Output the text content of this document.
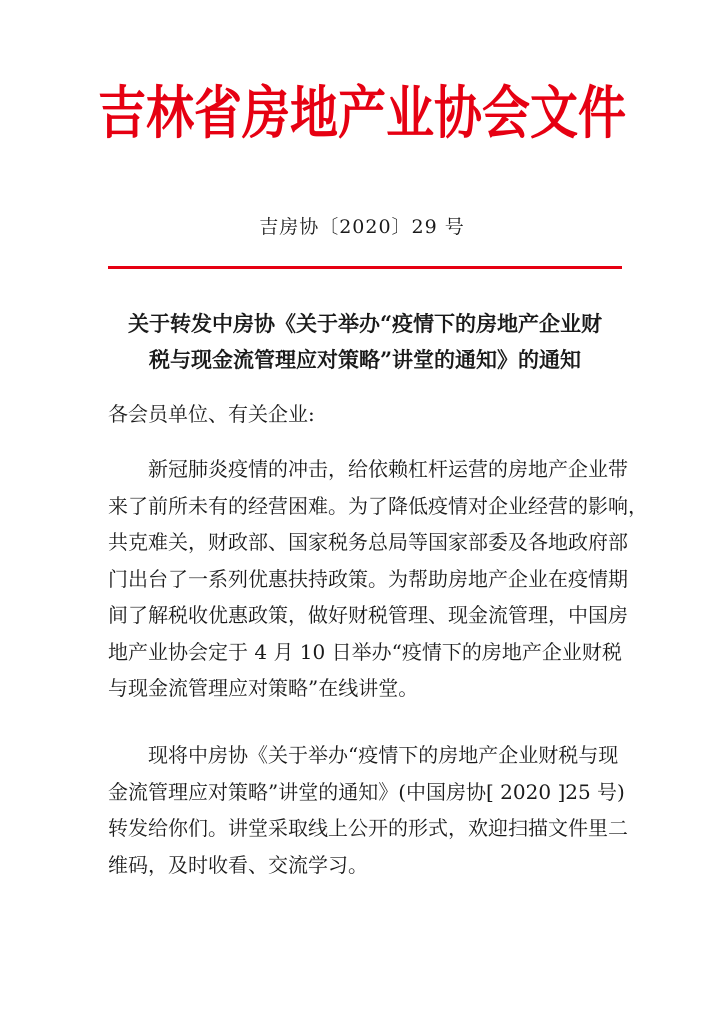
吉林省房地产业协会文件
吉房协〔2020〕29 号
关于转发中房协《关于举办“疫情下的房地产企业财
税与现金流管理应对策略”讲堂的通知》的通知
各会员单位、有关企业:
新冠肺炎疫情的冲击，给依赖杠杆运营的房地产企业带
来了前所未有的经营困难。为了降低疫情对企业经营的影响，
共克难关，财政部、国家税务总局等国家部委及各地政府部
门出台了一系列优惠扶持政策。为帮助房地产企业在疫情期
间了解税收优惠政策，做好财税管理、现金流管理，中国房
地产业协会定于 4 月 10 日举办“疫情下的房地产企业财税
与现金流管理应对策略”在线讲堂。
现将中房协《关于举办“疫情下的房地产企业财税与现
金流管理应对策略”讲堂的通知》(中国房协[ 2020 ]25 号)
转发给你们。讲堂采取线上公开的形式，欢迎扫描文件里二
维码，及时收看、交流学习。
